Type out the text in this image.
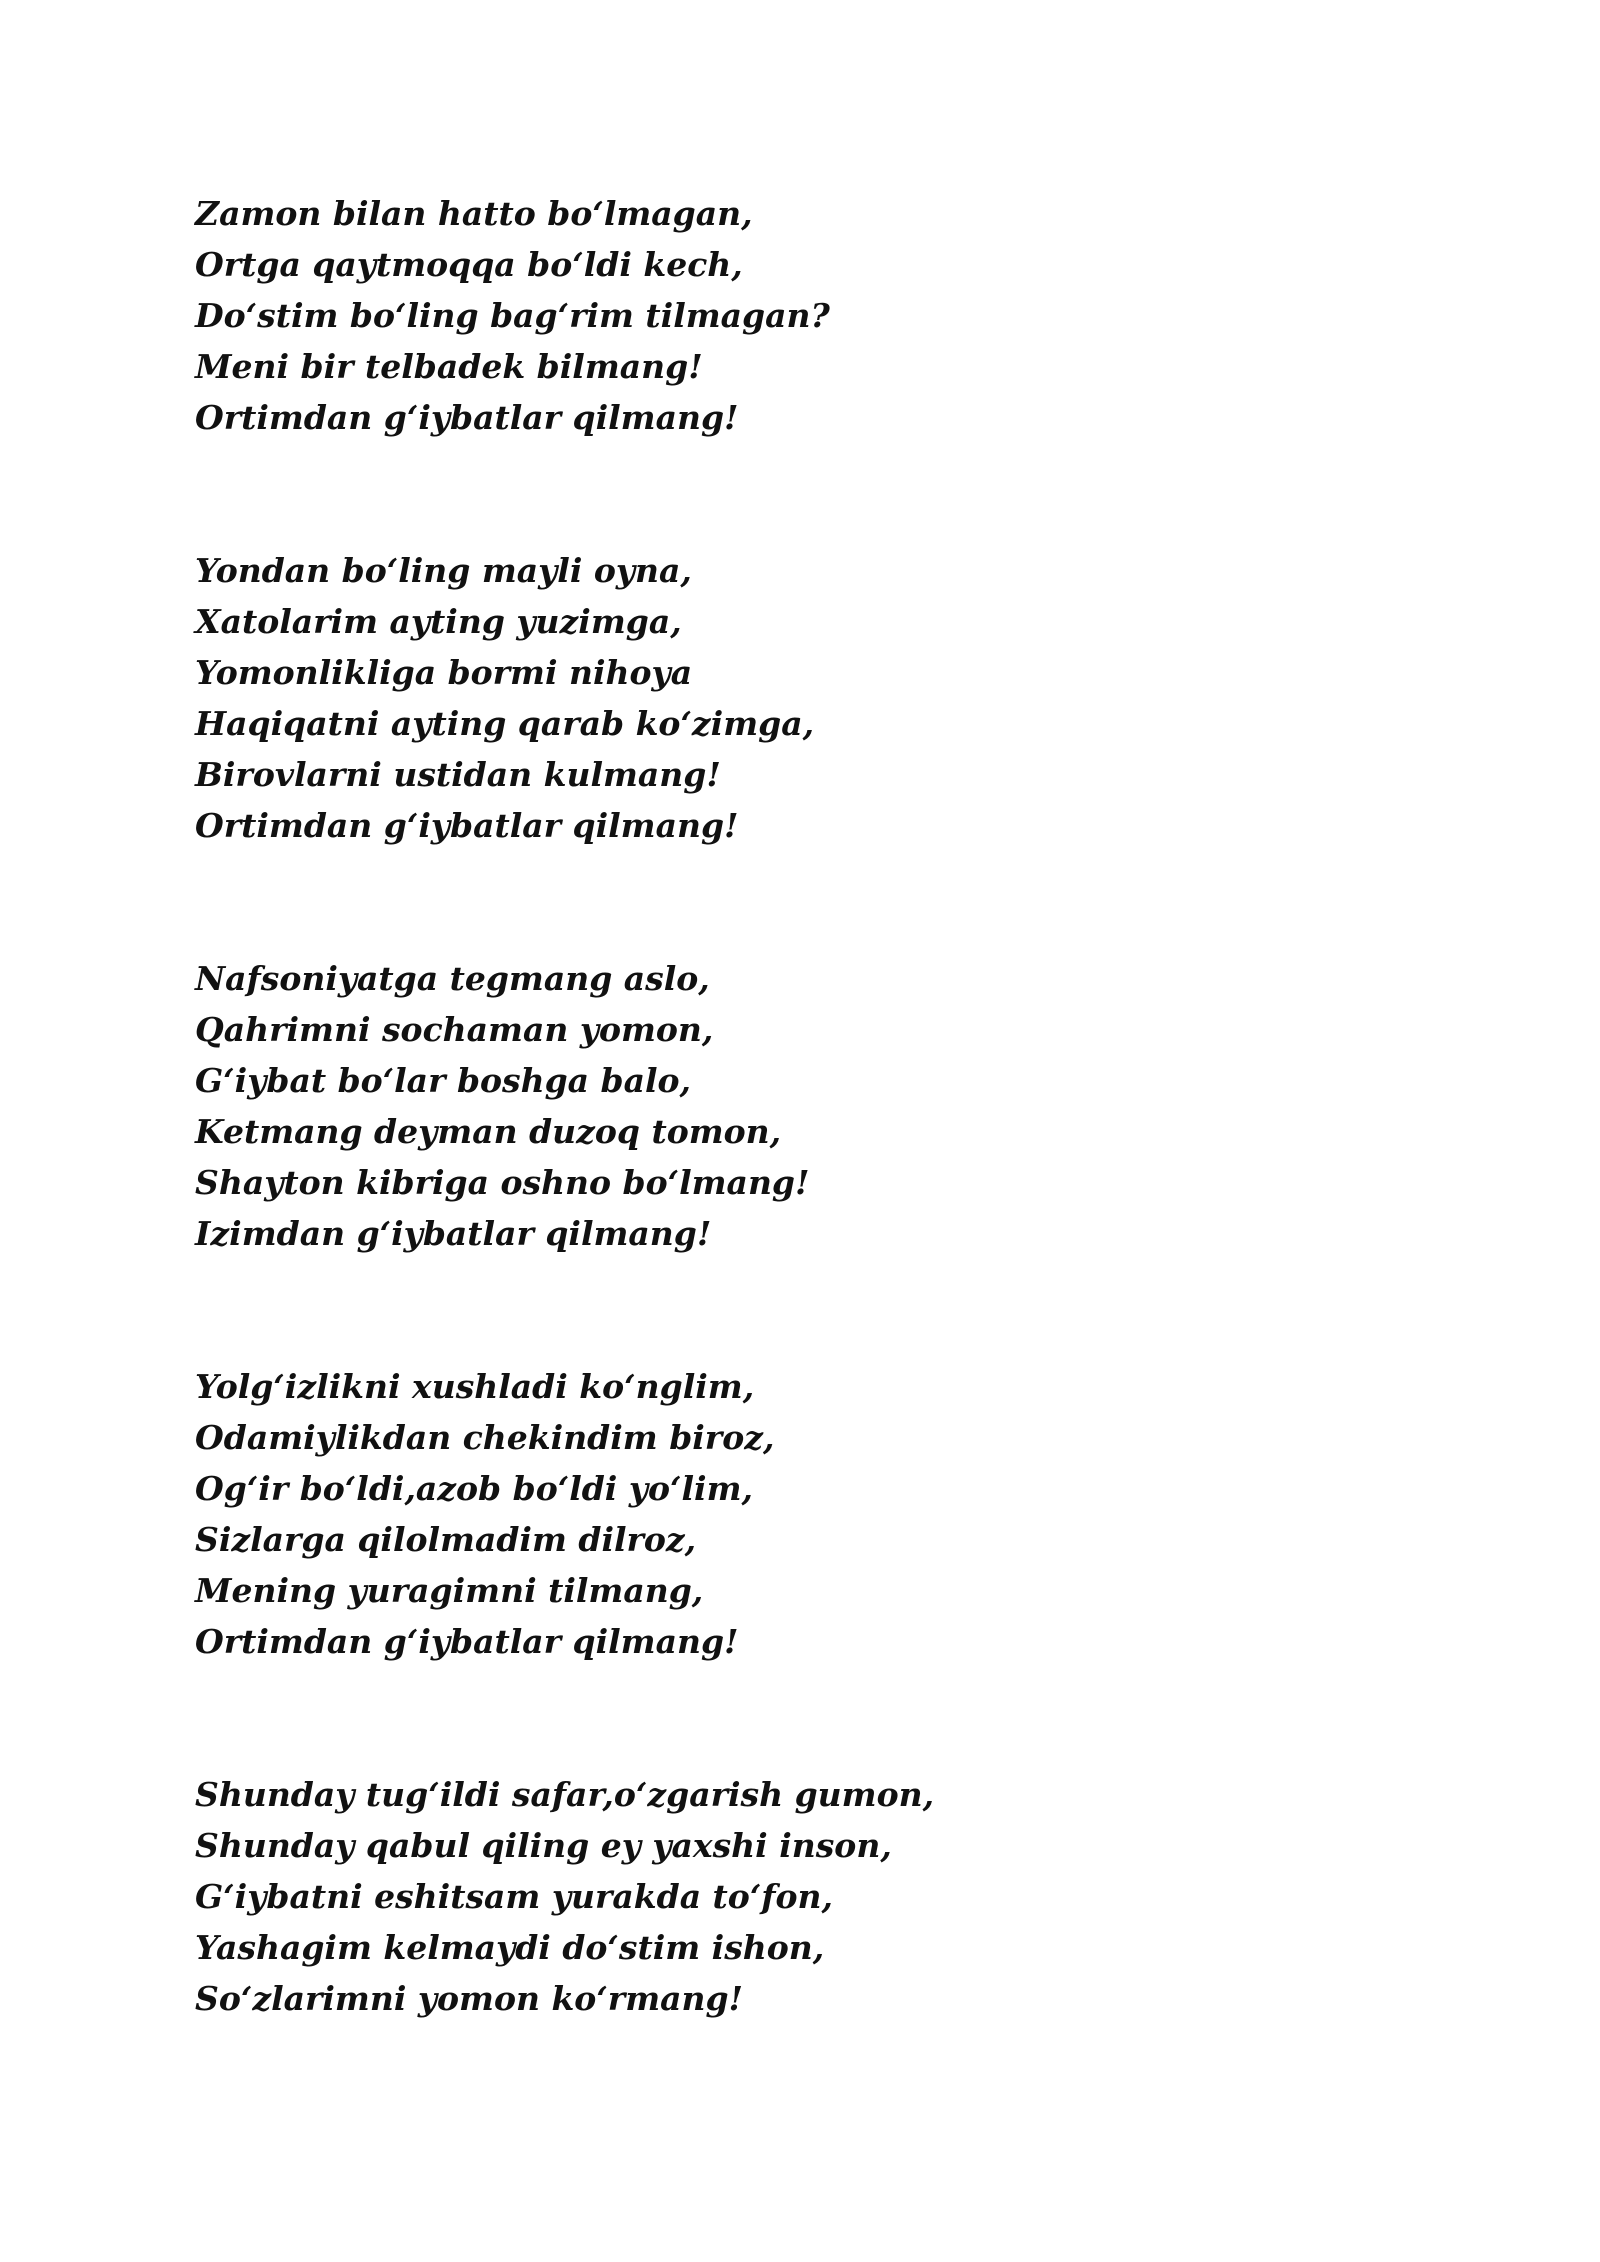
Zamon bilan hatto bo‘lmagan,
Ortga qaytmoqqa bo‘ldi kech,
Do‘stim bo‘ling bag‘rim tilmagan?
Meni bir telbadek bilmang!
Ortimdan g‘iybatlar qilmang!
Yondan bo‘ling mayli oyna,
Xatolarim ayting yuzimga,
Yomonlikliga bormi nihoya
Haqiqatni ayting qarab ko‘zimga,
Birovlarni ustidan kulmang!
Ortimdan g‘iybatlar qilmang!
Nafsoniyatga tegmang aslo,
Qahrimni sochaman yomon,
G‘iybat bo‘lar boshga balo,
Ketmang deyman duzoq tomon,
Shayton kibriga oshno bo‘lmang!
Izimdan g‘iybatlar qilmang!
Yolg‘izlikni xushladi ko‘nglim,
Odamiylikdan chekindim biroz,
Og‘ir bo‘ldi,azob bo‘ldi yo‘lim,
Sizlarga qilolmadim dilroz,
Mening yuragimni tilmang,
Ortimdan g‘iybatlar qilmang!
Shunday tug‘ildi safar,o‘zgarish gumon,
Shunday qabul qiling ey yaxshi inson,
G‘iybatni eshitsam yurakda to‘fon,
Yashagim kelmaydi do‘stim ishon,
So‘zlarimni yomon ko‘rmang!
